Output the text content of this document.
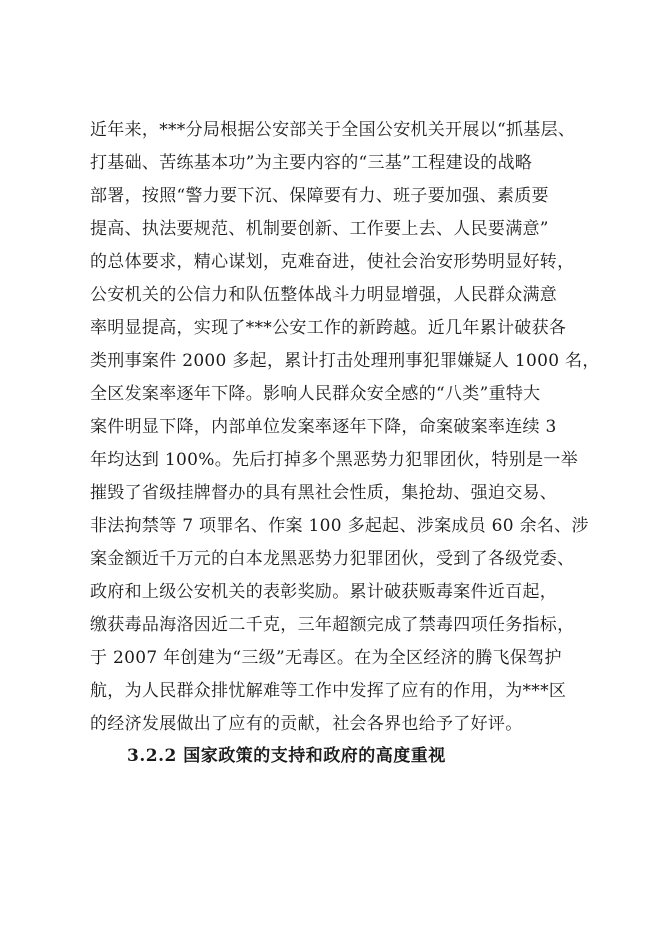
近年来，***分局根据公安部关于全国公安机关开展以“抓基层、
打基础、苦练基本功”为主要内容的“三基”工程建设的战略
部署，按照“警力要下沉、保障要有力、班子要加强、素质要
提高、执法要规范、机制要创新、工作要上去、人民要满意”
的总体要求，精心谋划，克难奋进，使社会治安形势明显好转，
公安机关的公信力和队伍整体战斗力明显增强，人民群众满意
率明显提高，实现了***公安工作的新跨越。近几年累计破获各
类刑事案件 2000 多起，累计打击处理刑事犯罪嫌疑人 1000 名，
全区发案率逐年下降。影响人民群众安全感的“八类”重特大
案件明显下降，内部单位发案率逐年下降，命案破案率连续 3
年均达到 100%。先后打掉多个黑恶势力犯罪团伙，特别是一举
摧毁了省级挂牌督办的具有黑社会性质，集抢劫、强迫交易、
非法拘禁等 7 项罪名、作案 100 多起起、涉案成员 60 余名、涉
案金额近千万元的白本龙黑恶势力犯罪团伙，受到了各级党委、
政府和上级公安机关的表彰奖励。累计破获贩毒案件近百起，
缴获毒品海洛因近二千克，三年超额完成了禁毒四项任务指标，
于 2007 年创建为“三级”无毒区。在为全区经济的腾飞保驾护
航，为人民群众排忧解难等工作中发挥了应有的作用，为***区
的经济发展做出了应有的贡献，社会各界也给予了好评。
3.2.2 国家政策的支持和政府的高度重视
